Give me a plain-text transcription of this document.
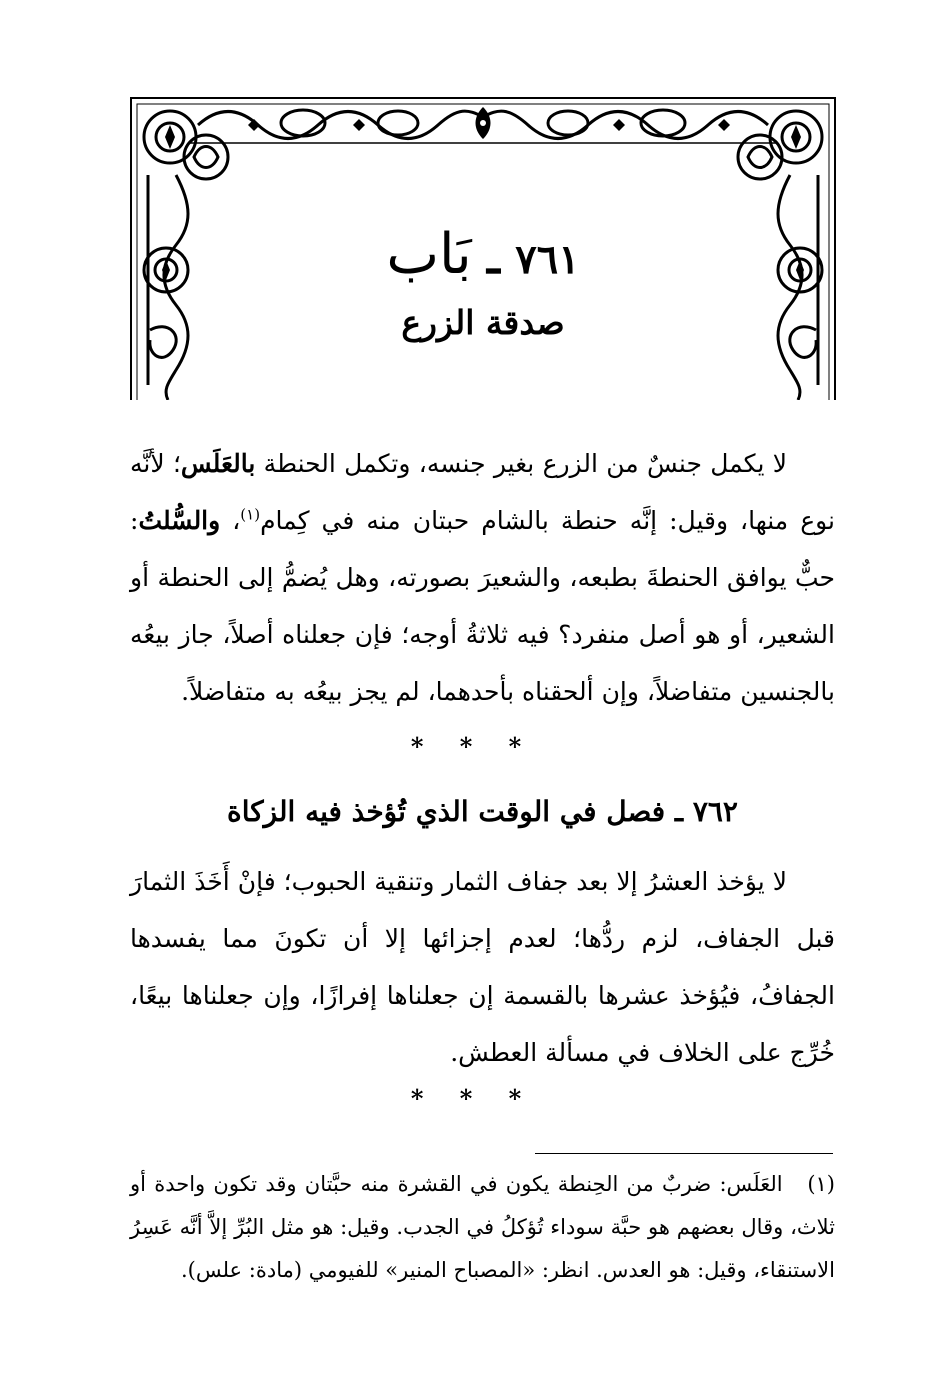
٧٦١ ـ بَاب
صدقة الزرع

لا يكمل جنسٌ من الزرع بغير جنسه، وتكمل الحنطة بالعَلَس؛ لأنَّه نوع منها، وقيل: إنَّه حنطة بالشام حبتان منه في كِمام$^{(١)}$، والسُّلتُ: حبٌّ يوافق الحنطةَ بطبعه، والشعيرَ بصورته، وهل يُضمُّ إلى الحنطة أو الشعير، أو هو أصل منفرد؟ فيه ثلاثةُ أوجه؛ فإن جعلناه أصلاً، جاز بيعُه بالجنسين متفاضلاً، وإن ألحقناه بأحدهما، لم يجز بيعُه به متفاضلاً.

* * *
٧٦٢ ـ فصل في الوقت الذي تُؤخذ فيه الزكاة

لا يؤخذ العشرُ إلا بعد جفاف الثمار وتنقية الحبوب؛ فإنْ أَخَذَ الثمارَ قبل الجفاف، لزم ردُّها؛ لعدم إجزائها إلا أن تكونَ مما يفسدها الجفافُ، فيُؤخذ عشرها بالقسمة إن جعلناها إفرازًا، وإن جعلناها بيعًا، خُرِّج على الخلاف في مسألة العطش.

* * *

(١)   العَلَس: ضربٌ من الحِنطة يكون في القشرة منه حبَّتان وقد تكون واحدة أو ثلاث، وقال بعضهم هو حبَّة سوداء تُؤكلُ في الجدب. وقيل: هو مثل البُرِّ إلاَّ أنَّه عَسِرُ الاستنقاء، وقيل: هو العدس. انظر: «المصباح المنير» للفيومي (مادة: علس).
